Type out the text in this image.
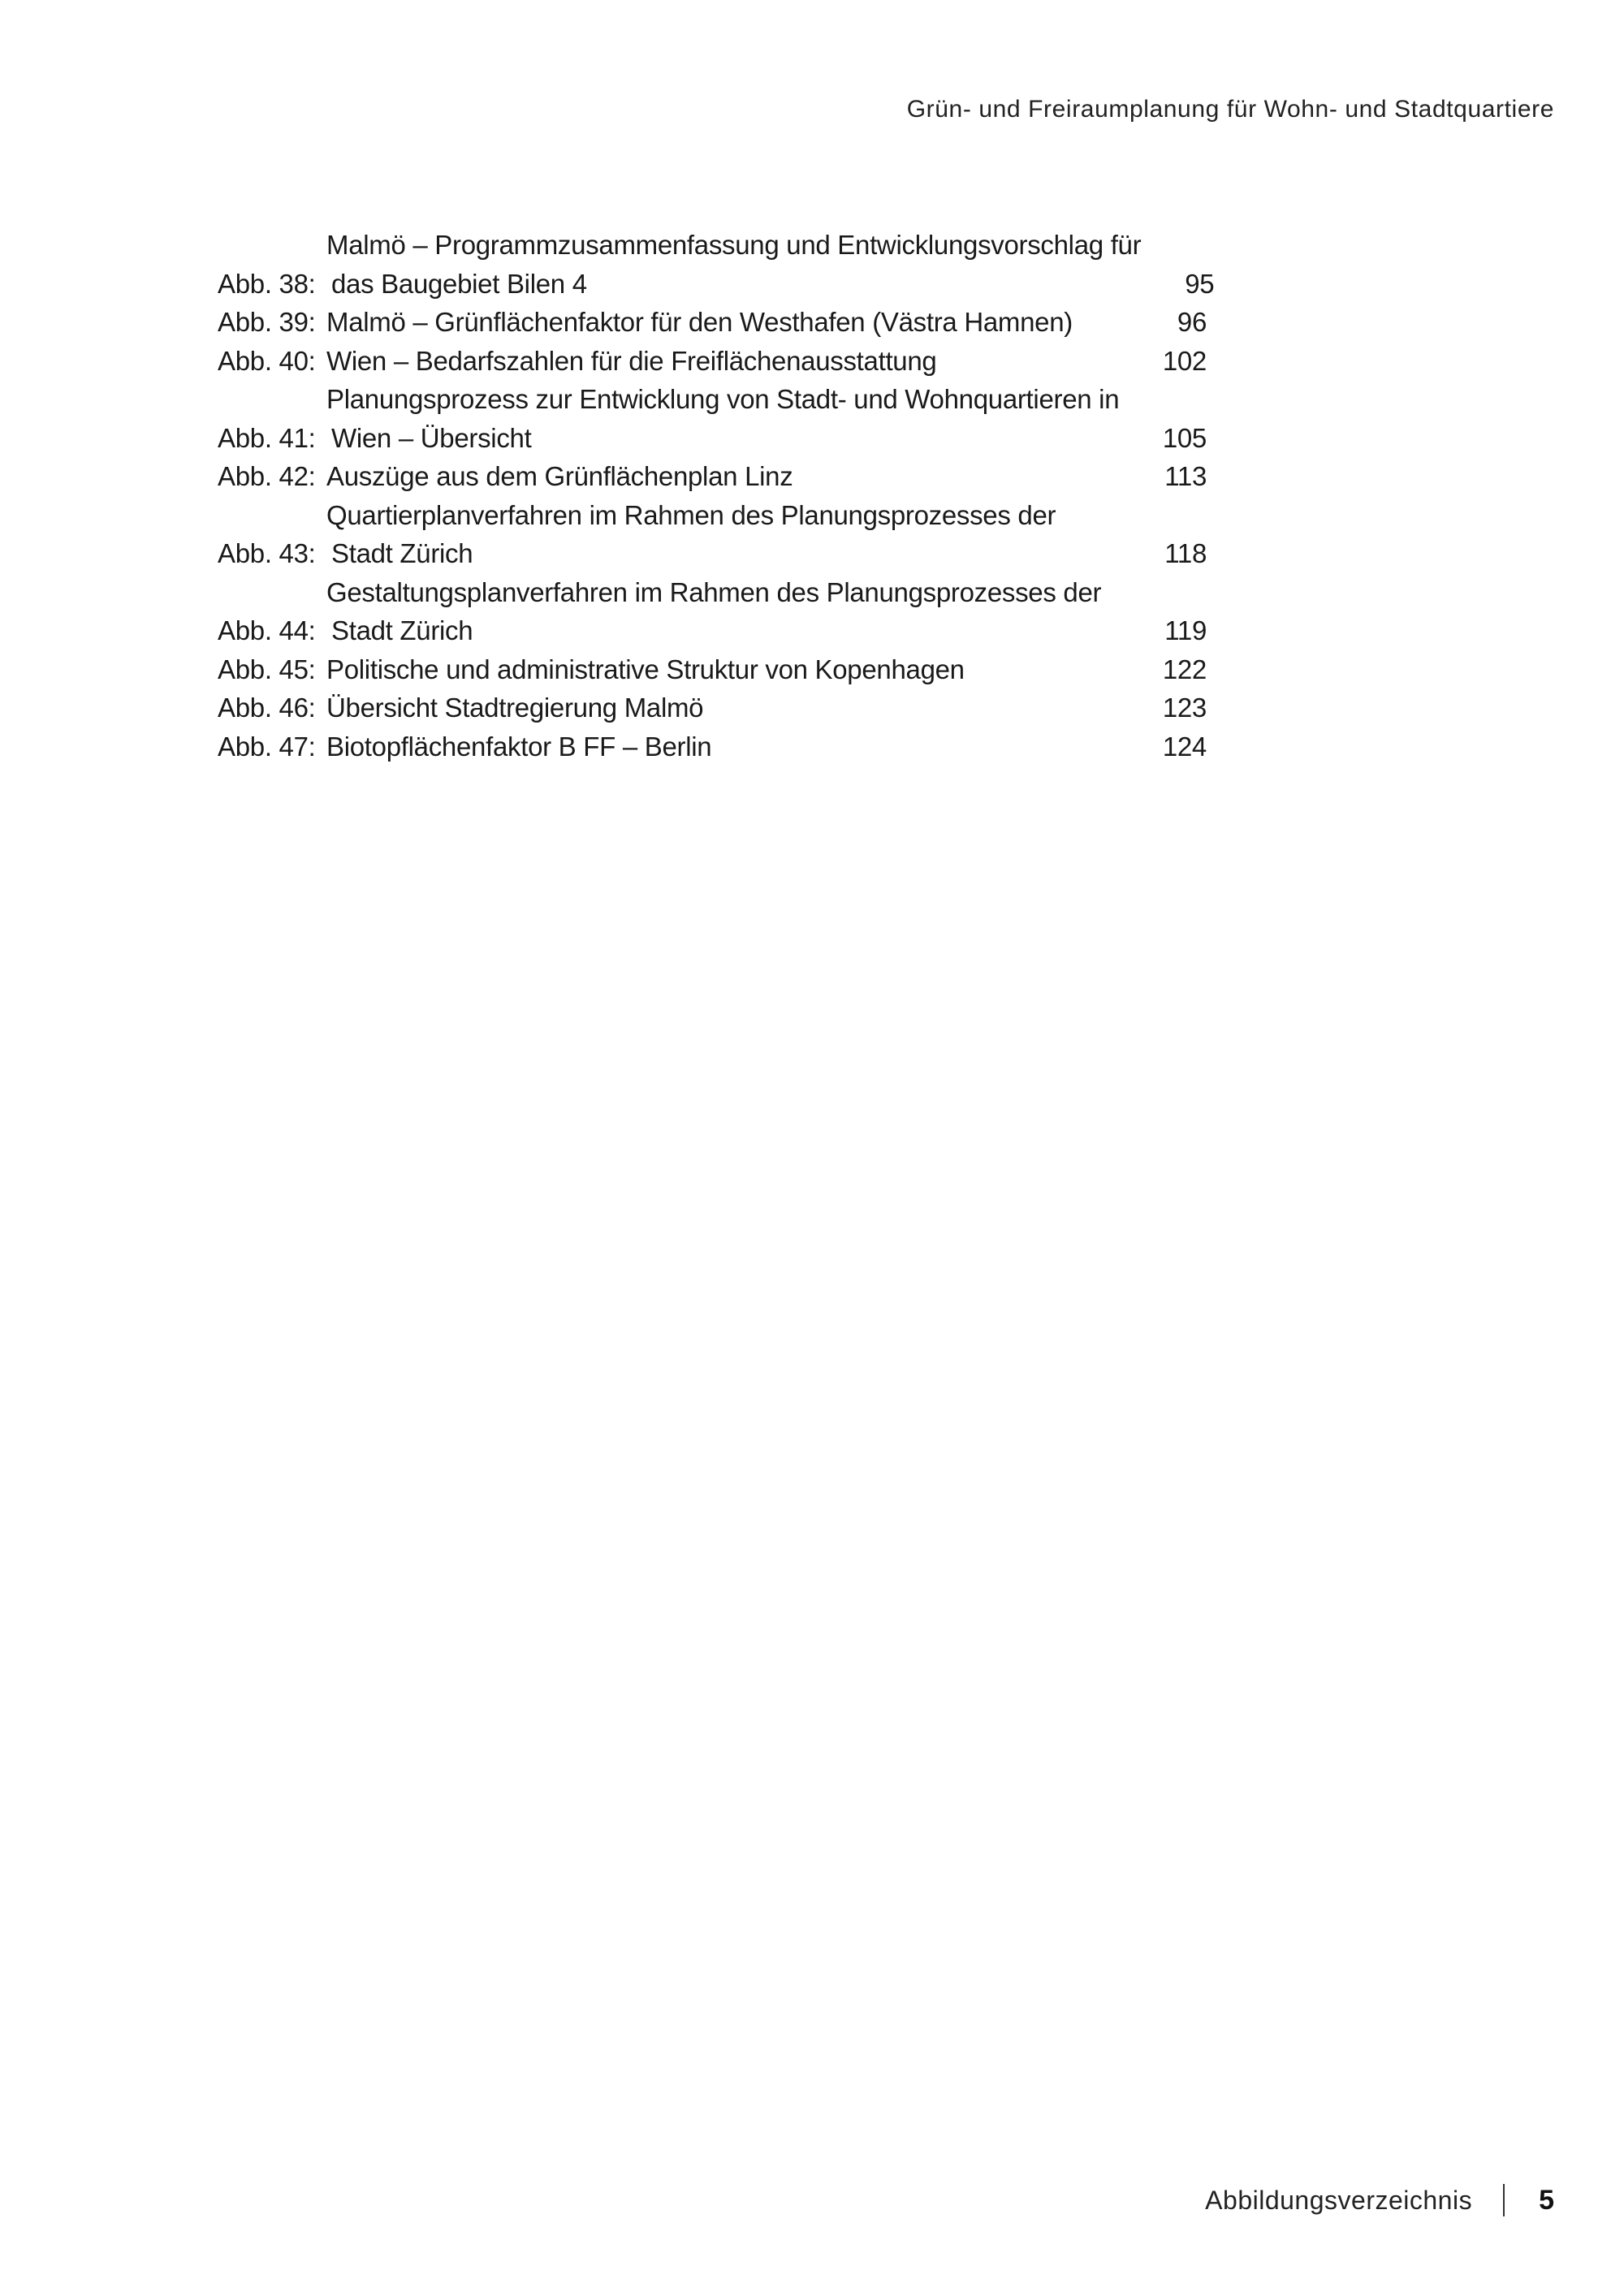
Grün- und Freiraumplanung für Wohn- und Stadtquartiere
Abb. 38:
Malmö – Programmzusammenfassung und Entwicklungsvorschlag für
das Baugebiet Bilen 4	95
Abb. 39: Malmö – Grünflächenfaktor für den Westhafen (Västra Hamnen)	96
Abb. 40: Wien – Bedarfszahlen für die Freiflächenausstattung	102
Abb. 41:
Planungsprozess zur Entwicklung von Stadt- und Wohnquartieren in
Wien – Übersicht	105
Abb. 42: Auszüge aus dem Grünflächenplan Linz	113
Abb. 43:
Quartierplanverfahren im Rahmen des Planungsprozesses der
Stadt Zürich	118
Abb. 44:
Gestaltungsplanverfahren im Rahmen des Planungsprozesses der
Stadt Zürich	119
Abb. 45: Politische und administrative Struktur von Kopenhagen	122
Abb. 46: Übersicht Stadtregierung Malmö	123
Abb. 47: Biotopflächenfaktor B FF – Berlin	124
Abbildungsverzeichnis 5
